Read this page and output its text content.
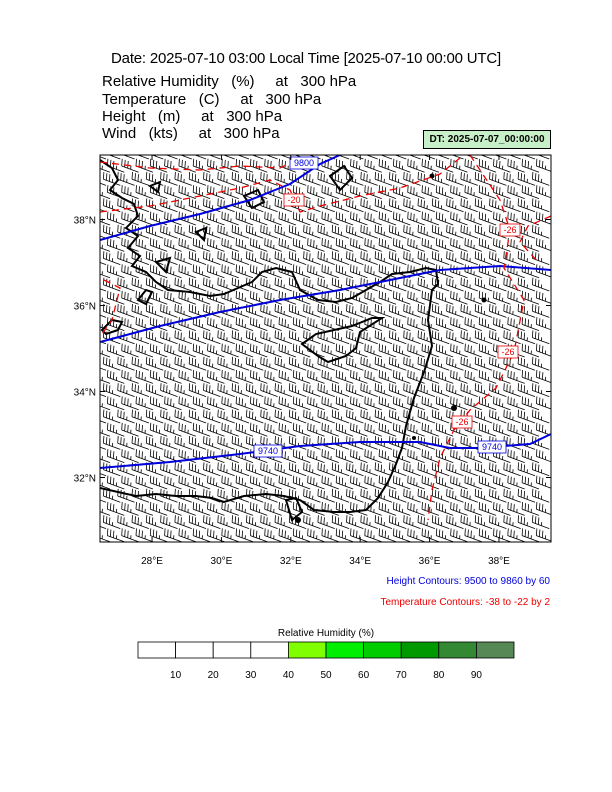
Date: 2025-07-10 03:00 Local Time [2025-07-10 00:00 UTC]
Relative Humidity   (%)     at   300 hPa
Temperature   (C)     at   300 hPa
Height   (m)     at   300 hPa
Wind   (kts)     at   300 hPa	DT: 2025-07-07_00:00:00
9800
9740	9740
-20
-26
-26
-26
38°N
36°N
34°N
32°N
28°E	30°E	32°E	34°E	36°E	38°E
Height Contours: 9500 to 9860 by 60
Temperature Contours: -38 to -22 by 2
Relative Humidity (%)
10	20	30	40	50	60	70	80	90
